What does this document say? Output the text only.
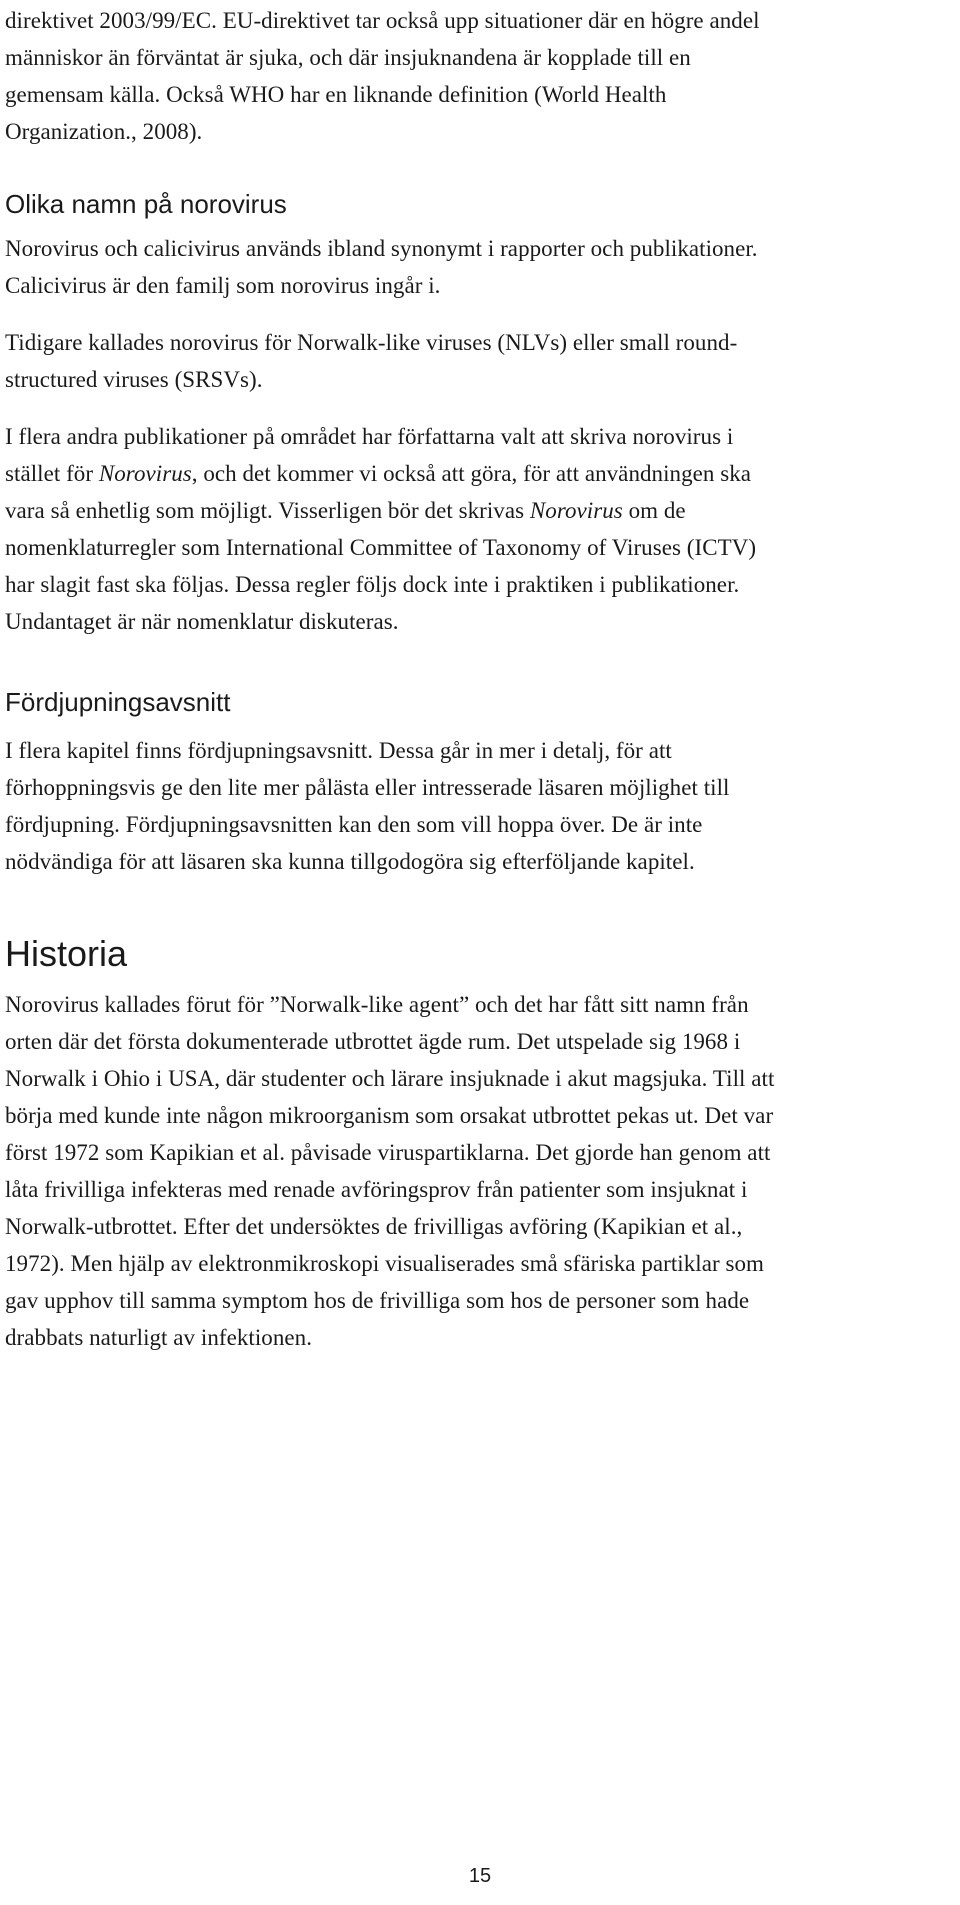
direktivet 2003/99/EC. EU-direktivet tar också upp situationer där en högre andel
människor än förväntat är sjuka, och där insjuknandena är kopplade till en
gemensam källa. Också WHO har en liknande definition (World Health
Organization., 2008).

Olika namn på norovirus

Norovirus och calicivirus används ibland synonymt i rapporter och publikationer.
Calicivirus är den familj som norovirus ingår i.

Tidigare kallades norovirus för Norwalk-like viruses (NLVs) eller small round-
structured viruses (SRSVs).

I flera andra publikationer på området har författarna valt att skriva norovirus i
stället för Norovirus, och det kommer vi också att göra, för att användningen ska
vara så enhetlig som möjligt. Visserligen bör det skrivas Norovirus om de
nomenklaturregler som International Committee of Taxonomy of Viruses (ICTV)
har slagit fast ska följas. Dessa regler följs dock inte i praktiken i publikationer.
Undantaget är när nomenklatur diskuteras.

Fördjupningsavsnitt

I flera kapitel finns fördjupningsavsnitt. Dessa går in mer i detalj, för att
förhoppningsvis ge den lite mer pålästa eller intresserade läsaren möjlighet till
fördjupning. Fördjupningsavsnitten kan den som vill hoppa över. De är inte
nödvändiga för att läsaren ska kunna tillgodogöra sig efterföljande kapitel.

Historia

Norovirus kallades förut för ”Norwalk-like agent” och det har fått sitt namn från
orten där det första dokumenterade utbrottet ägde rum. Det utspelade sig 1968 i
Norwalk i Ohio i USA, där studenter och lärare insjuknade i akut magsjuka. Till att
börja med kunde inte någon mikroorganism som orsakat utbrottet pekas ut. Det var
först 1972 som Kapikian et al. påvisade viruspartiklarna. Det gjorde han genom att
låta frivilliga infekteras med renade avföringsprov från patienter som insjuknat i
Norwalk-utbrottet. Efter det undersöktes de frivilligas avföring (Kapikian et al.,
1972). Men hjälp av elektronmikroskopi visualiserades små sfäriska partiklar som
gav upphov till samma symptom hos de frivilliga som hos de personer som hade
drabbats naturligt av infektionen.

15
